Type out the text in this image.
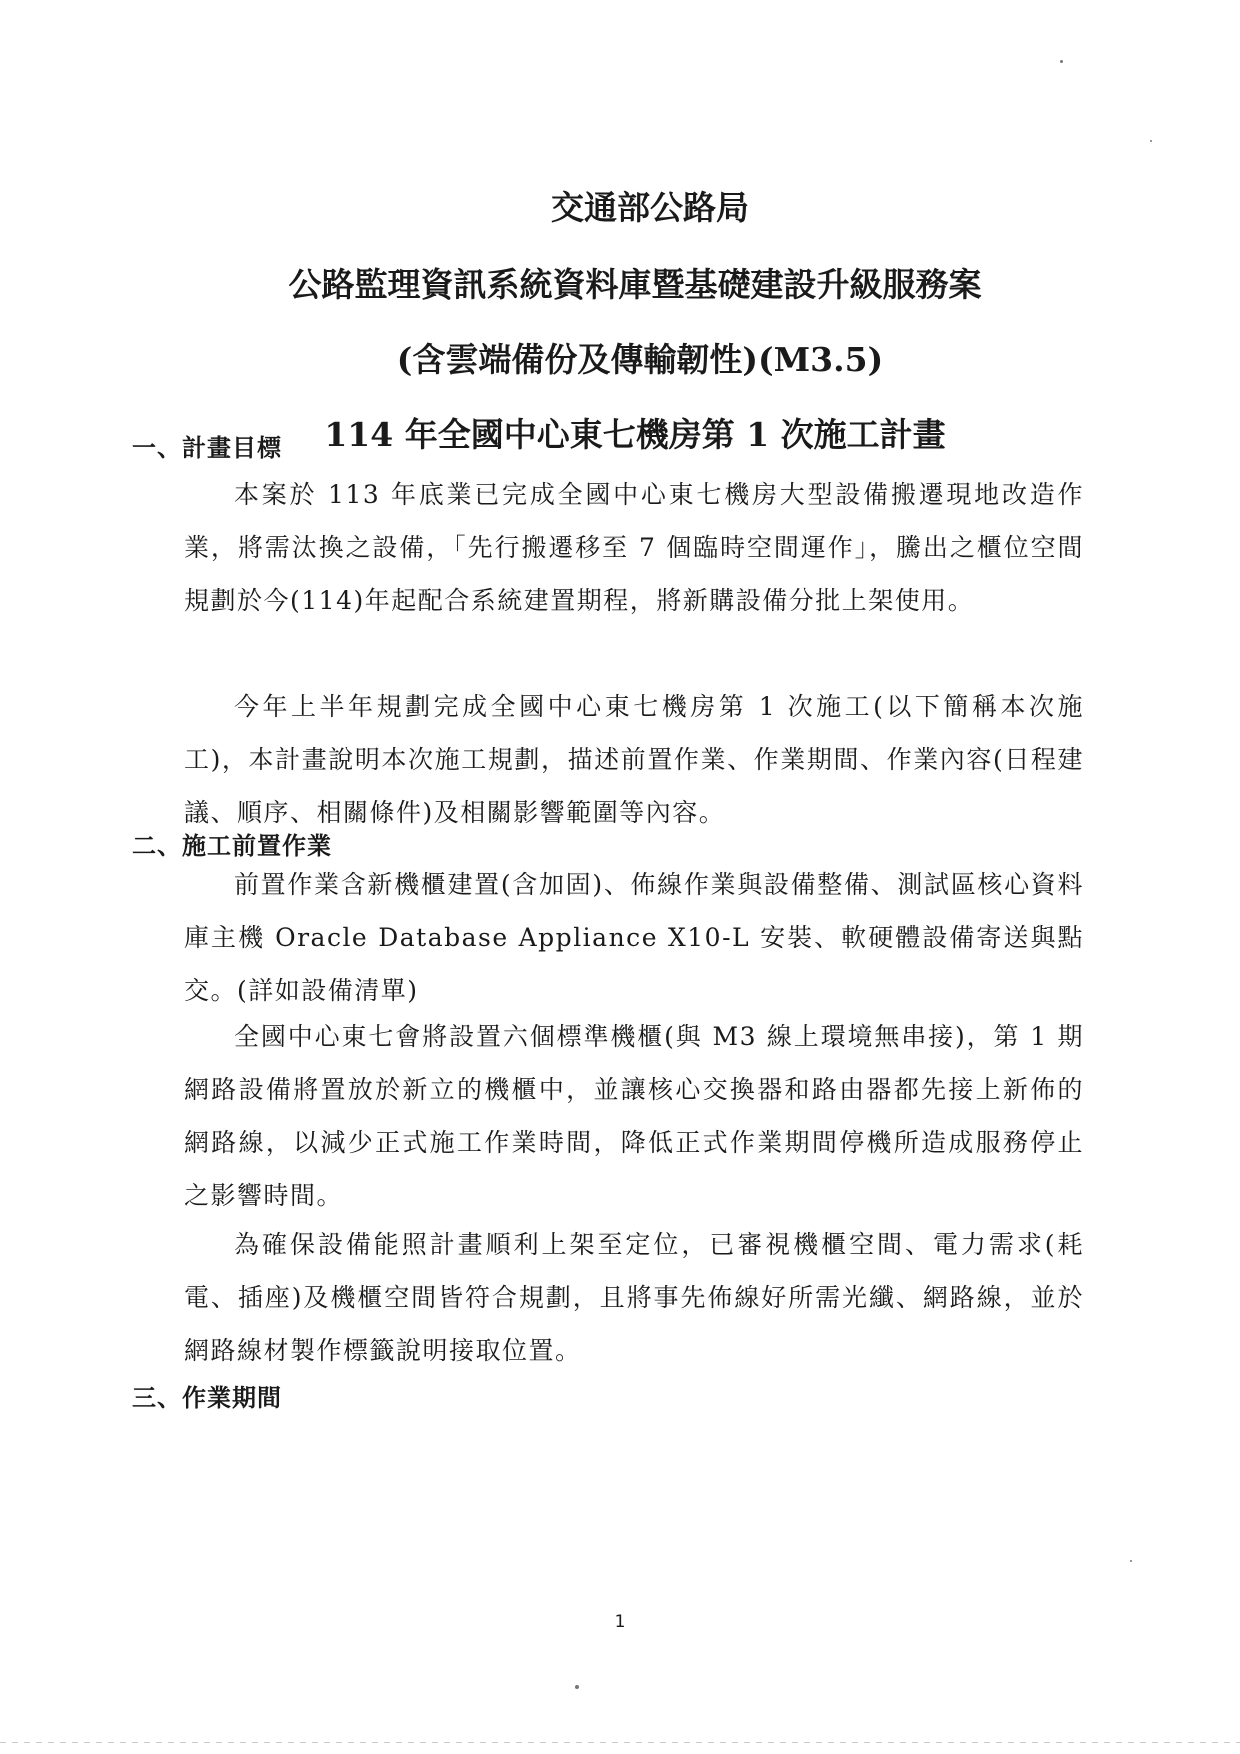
交通部公路局
公路監理資訊系統資料庫暨基礎建設升級服務案
(含雲端備份及傳輸韌性)(M3.5)
114 年全國中心東七機房第 1 次施工計畫
一、計畫目標
本案於 113 年底業已完成全國中心東七機房大型設備搬遷現地改造作業，將需汰換之設備，「先行搬遷移至 7 個臨時空間運作」，騰出之櫃位空間規劃於今(114)年起配合系統建置期程，將新購設備分批上架使用。
今年上半年規劃完成全國中心東七機房第 1 次施工(以下簡稱本次施工)，本計畫說明本次施工規劃，描述前置作業、作業期間、作業內容(日程建議、順序、相關條件)及相關影響範圍等內容。
二、施工前置作業
前置作業含新機櫃建置(含加固)、佈線作業與設備整備、測試區核心資料庫主機 Oracle Database Appliance X10-L 安裝、軟硬體設備寄送與點交。(詳如設備清單)
全國中心東七會將設置六個標準機櫃(與 M3 線上環境無串接)，第 1 期網路設備將置放於新立的機櫃中，並讓核心交換器和路由器都先接上新佈的網路線，以減少正式施工作業時間，降低正式作業期間停機所造成服務停止之影響時間。
為確保設備能照計畫順利上架至定位，已審視機櫃空間、電力需求(耗電、插座)及機櫃空間皆符合規劃，且將事先佈線好所需光纖、網路線，並於網路線材製作標籤說明接取位置。
三、作業期間
1
